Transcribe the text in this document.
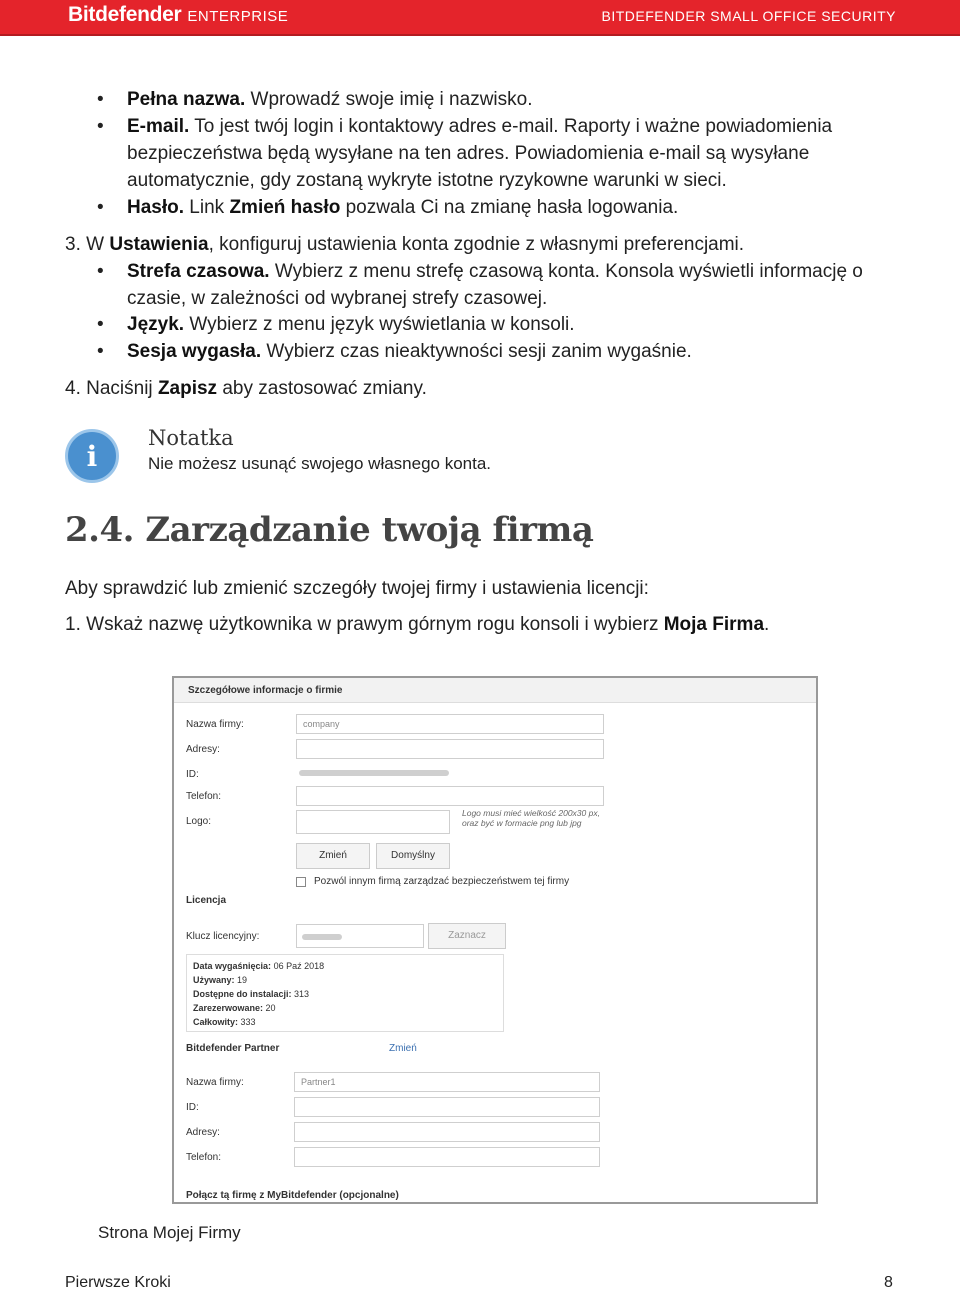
Bitdefender ENTERPRISE	BITDEFENDER SMALL OFFICE SECURITY
• Pełna nazwa. Wprowadź swoje imię i nazwisko.
• E-mail. To jest twój login i kontaktowy adres e-mail. Raporty i ważne powiadomienia bezpieczeństwa będą wysyłane na ten adres. Powiadomienia e-mail są wysyłane automatycznie, gdy zostaną wykryte istotne ryzykowne warunki w sieci.
• Hasło. Link Zmień hasło pozwala Ci na zmianę hasła logowania.
3. W Ustawienia, konfiguruj ustawienia konta zgodnie z własnymi preferencjami.
• Strefa czasowa. Wybierz z menu strefę czasową konta. Konsola wyświetli informację o czasie, w zależności od wybranej strefy czasowej.
• Język. Wybierz z menu język wyświetlania w konsoli.
• Sesja wygasła. Wybierz czas nieaktywności sesji zanim wygaśnie.
4. Naciśnij Zapisz aby zastosować zmiany.
i
Notatka
Nie możesz usunąć swojego własnego konta.
2.4. Zarządzanie twoją firmą
Aby sprawdzić lub zmienić szczegóły twojej firmy i ustawienia licencji:
1. Wskaż nazwę użytkownika w prawym górnym rogu konsoli i wybierz Moja Firma.
Szczegółowe informacje o firmie
Nazwa firmy:	company
Adresy:
ID:
Telefon:
Logo:
Logo musi mieć wielkość 200x30 px, oraz być w formacie png lub jpg
Zmień	Domyślny
Pozwól innym firmą zarządzać bezpieczeństwem tej firmy
Licencja
Klucz licencyjny:	Zaznacz
Data wygaśnięcia: 06 Paź 2018
Używany: 19
Dostępne do instalacji: 313
Zarezerwowane: 20
Całkowity: 333
Bitdefender Partner	Zmień
Nazwa firmy:	Partner1
ID:
Adresy:
Telefon:
Połącz tą firmę z MyBitdefender (opcjonalne)
Strona Mojej Firmy
Pierwsze Kroki	8
